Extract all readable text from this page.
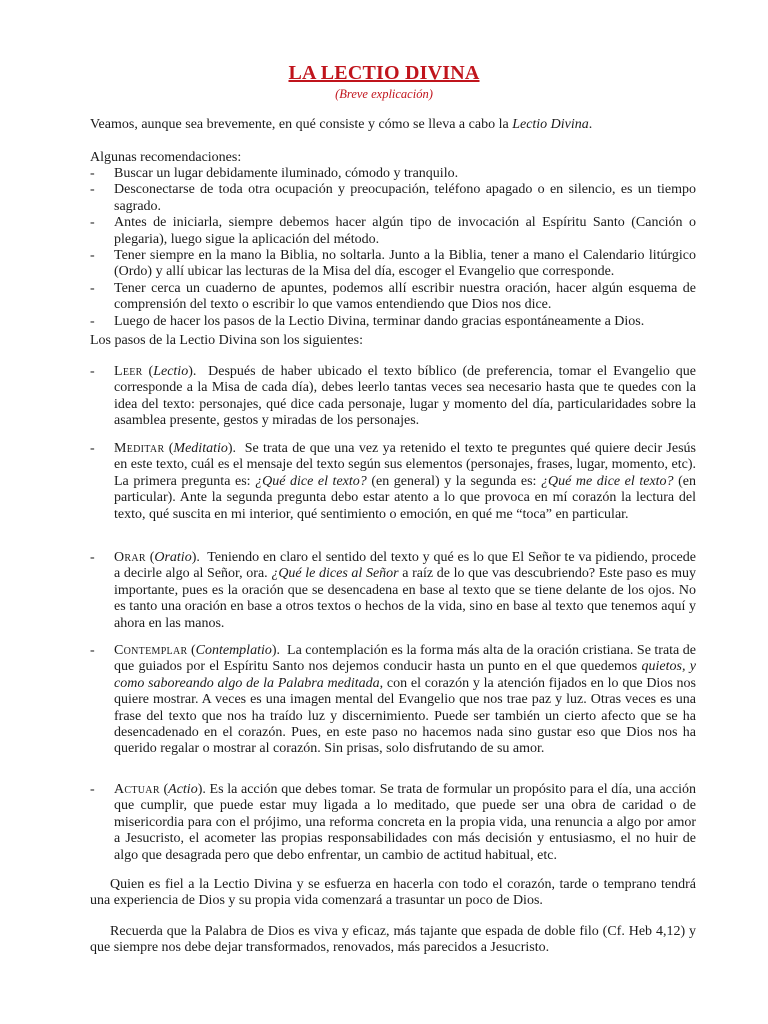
LA LECTIO DIVINA
(Breve explicación)

Veamos, aunque sea brevemente, en qué consiste y cómo se lleva a cabo la Lectio Divina.

Algunas recomendaciones:

- Buscar un lugar debidamente iluminado, cómodo y tranquilo.
- Desconectarse de toda otra ocupación y preocupación, teléfono apagado o en silencio, es un tiempo sagrado.
- Antes de iniciarla, siempre debemos hacer algún tipo de invocación al Espíritu Santo (Canción o plegaria), luego sigue la aplicación del método.
- Tener siempre en la mano la Biblia, no soltarla. Junto a la Biblia, tener a mano el Calendario litúrgico (Ordo) y allí ubicar las lecturas de la Misa del día, escoger el Evangelio que corresponde.
- Tener cerca un cuaderno de apuntes, podemos allí escribir nuestra oración, hacer algún esquema de comprensión del texto o escribir lo que vamos entendiendo que Dios nos dice.
- Luego de hacer los pasos de la Lectio Divina, terminar dando gracias espontáneamente a Dios.

Los pasos de la Lectio Divina son los siguientes:

- Leer (Lectio).  Después de haber ubicado el texto bíblico (de preferencia, tomar el Evangelio que corresponde a la Misa de cada día), debes leerlo tantas veces sea necesario hasta que te quedes con la idea del texto: personajes, qué dice cada personaje, lugar y momento del día, particularidades sobre la asamblea presente, gestos y miradas de los personajes.
- Meditar (Meditatio).  Se trata de que una vez ya retenido el texto te preguntes qué quiere decir Jesús en este texto, cuál es el mensaje del texto según sus elementos (personajes, frases, lugar, momento, etc). La primera pregunta es: ¿Qué dice el texto? (en general) y la segunda es: ¿Qué me dice el texto? (en particular). Ante la segunda pregunta debo estar atento a lo que provoca en mí corazón la lectura del texto, qué suscita en mi interior, qué sentimiento o emoción, en qué me “toca” en particular.
- Orar (Oratio).  Teniendo en claro el sentido del texto y qué es lo que El Señor te va pidiendo, procede a decirle algo al Señor, ora. ¿Qué le dices al Señor a raíz de lo que vas descubriendo? Este paso es muy importante, pues es la oración que se desencadena en base al texto que se tiene delante de los ojos. No es tanto una oración en base a otros textos o hechos de la vida, sino en base al texto que tenemos aquí y ahora en las manos.
- Contemplar (Contemplatio).  La contemplación es la forma más alta de la oración cristiana. Se trata de que guiados por el Espíritu Santo nos dejemos conducir hasta un punto en el que quedemos quietos, y como saboreando algo de la Palabra meditada, con el corazón y la atención fijados en lo que Dios nos quiere mostrar. A veces es una imagen mental del Evangelio que nos trae paz y luz. Otras veces es una frase del texto que nos ha traído luz y discernimiento. Puede ser también un cierto afecto que se ha desencadenado en el corazón. Pues, en este paso no hacemos nada sino gustar eso que Dios nos ha querido regalar o mostrar al corazón. Sin prisas, solo disfrutando de su amor.
- Actuar (Actio). Es la acción que debes tomar. Se trata de formular un propósito para el día, una acción que cumplir, que puede estar muy ligada a lo meditado, que puede ser una obra de caridad o de misericordia para con el prójimo, una reforma concreta en la propia vida, una renuncia a algo por amor a Jesucristo, el acometer las propias responsabilidades con más decisión y entusiasmo, el no huir de algo que desagrada pero que debo enfrentar, un cambio de actitud habitual, etc.

Quien es fiel a la Lectio Divina y se esfuerza en hacerla con todo el corazón, tarde o temprano tendrá una experiencia de Dios y su propia vida comenzará a trasuntar un poco de Dios.

Recuerda que la Palabra de Dios es viva y eficaz, más tajante que espada de doble filo (Cf. Heb 4,12) y que siempre nos debe dejar transformados, renovados, más parecidos a Jesucristo.
